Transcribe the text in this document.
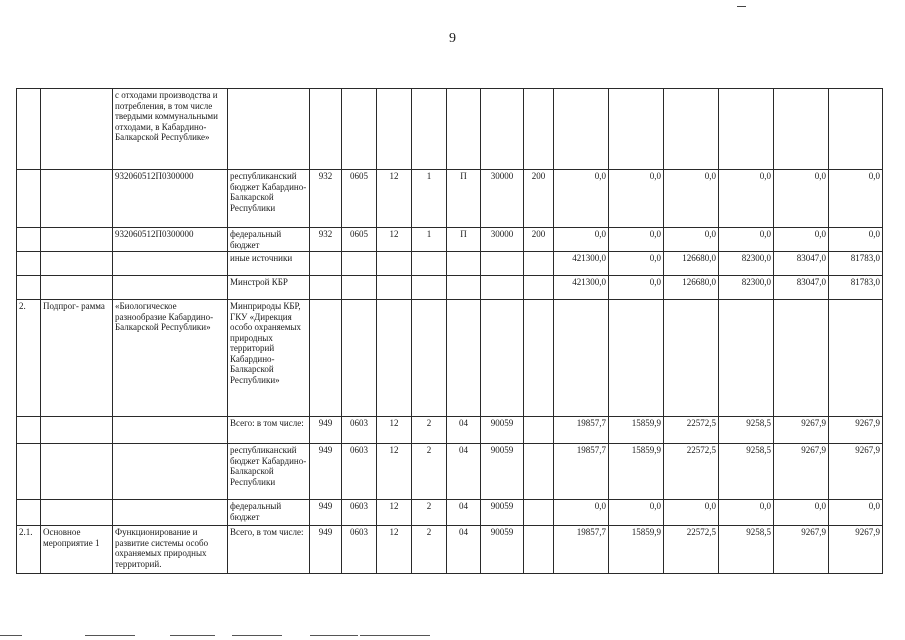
9
		с отходами производства и потребления, в том числе твердыми коммунальными отходами, в Кабардино-Балкарской Республике»														
		932060512П0300000	республиканский бюджет Кабардино-Балкарской Республики	932	0605	12	1	П	30000	200	0,0	0,0	0,0	0,0	0,0	0,0
		932060512П0300000	федеральный бюджет	932	0605	12	1	П	30000	200	0,0	0,0	0,0	0,0	0,0	0,0
			иные источники								421300,0	0,0	126680,0	82300,0	83047,0	81783,0
			Минстрой КБР								421300,0	0,0	126680,0	82300,0	83047,0	81783,0
2.	Подпрог- рамма	«Биологическое разнообразие Кабардино-Балкарской Республики»	Минприроды КБР, ГКУ «Дирекция особо охраняемых природных территорий Кабардино-Балкарской Республики»													
			Всего: в том числе:	949	0603	12	2	04	90059		19857,7	15859,9	22572,5	9258,5	9267,9	9267,9
			республиканский бюджет Кабардино-Балкарской Республики	949	0603	12	2	04	90059		19857,7	15859,9	22572,5	9258,5	9267,9	9267,9
			федеральный бюджет	949	0603	12	2	04	90059		0,0	0,0	0,0	0,0	0,0	0,0
2.1.	Основное мероприятие 1	Функционирование и развитие системы особо охраняемых природных территорий.	Всего, в том числе:	949	0603	12	2	04	90059		19857,7	15859,9	22572,5	9258,5	9267,9	9267,9
